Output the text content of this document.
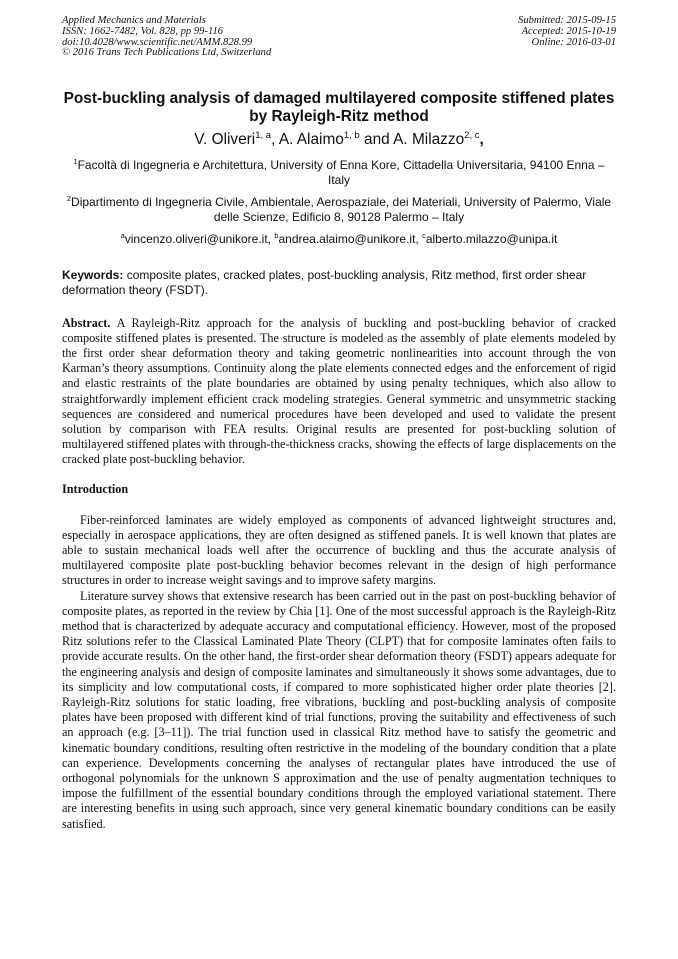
Applied Mechanics and Materials
ISSN: 1662-7482, Vol. 828, pp 99-116
doi:10.4028/www.scientific.net/AMM.828.99
© 2016 Trans Tech Publications Ltd, Switzerland
Submitted: 2015-09-15
Accepted: 2015-10-19
Online: 2016-03-01
Post-buckling analysis of damaged multilayered composite stiffened plates by Rayleigh-Ritz method
V. Oliveri$^{1, a}$, A. Alaimo$^{1, b}$ and A. Milazzo$^{2, c}$,
$^1$Facoltà di Ingegneria e Architettura, University of Enna Kore, Cittadella Universitaria, 94100 Enna – Italy
$^2$Dipartimento di Ingegneria Civile, Ambientale, Aerospaziale, dei Materiali, University of Palermo, Viale delle Scienze, Edificio 8, 90128 Palermo – Italy
$^a$vincenzo.oliveri@unikore.it, $^b$andrea.alaimo@unikore.it, $^c$alberto.milazzo@unipa.it
Keywords: composite plates, cracked plates, post-buckling analysis, Ritz method, first order shear deformation theory (FSDT).
Abstract. A Rayleigh-Ritz approach for the analysis of buckling and post-buckling behavior of cracked composite stiffened plates is presented. The structure is modeled as the assembly of plate elements modeled by the first order shear deformation theory and taking geometric nonlinearities into account through the von Karman’s theory assumptions. Continuity along the plate elements connected edges and the enforcement of rigid and elastic restraints of the plate boundaries are obtained by using penalty techniques, which also allow to straightforwardly implement efficient crack modeling strategies. General symmetric and unsymmetric stacking sequences are considered and numerical procedures have been developed and used to validate the present solution by comparison with FEA results. Original results are presented for post-buckling solution of multilayered stiffened plates with through-the-thickness cracks, showing the effects of large displacements on the cracked plate post-buckling behavior.
Introduction

Fiber-reinforced laminates are widely employed as components of advanced lightweight structures and, especially in aerospace applications, they are often designed as stiffened panels. It is well known that plates are able to sustain mechanical loads well after the occurrence of buckling and thus the accurate analysis of multilayered composite plate post-buckling behavior becomes relevant in the design of high performance structures in order to increase weight savings and to improve safety margins.

Literature survey shows that extensive research has been carried out in the past on post-buckling behavior of composite plates, as reported in the review by Chia [1]. One of the most successful approach is the Rayleigh-Ritz method that is characterized by adequate accuracy and computational efficiency. However, most of the proposed Ritz solutions refer to the Classical Laminated Plate Theory (CLPT) that for composite laminates often fails to provide accurate results. On the other hand, the first-order shear deformation theory (FSDT) appears adequate for the engineering analysis and design of composite laminates and simultaneously it shows some advantages, due to its simplicity and low computational costs, if compared to more sophisticated higher order plate theories [2]. Rayleigh-Ritz solutions for static loading, free vibrations, buckling and post-buckling analysis of composite plates have been proposed with different kind of trial functions, proving the suitability and effectiveness of such an approach (e.g. [3–11]). The trial function used in classical Ritz method have to satisfy the geometric and kinematic boundary conditions, resulting often restrictive in the modeling of the boundary condition that a plate can experience. Developments concerning the analyses of rectangular plates have introduced the use of orthogonal polynomials for the unknown S approximation and the use of penalty augmentation techniques to impose the fulfillment of the essential boundary conditions through the employed variational statement. There are interesting benefits in using such approach, since very general kinematic boundary conditions can be easily satisfied.
